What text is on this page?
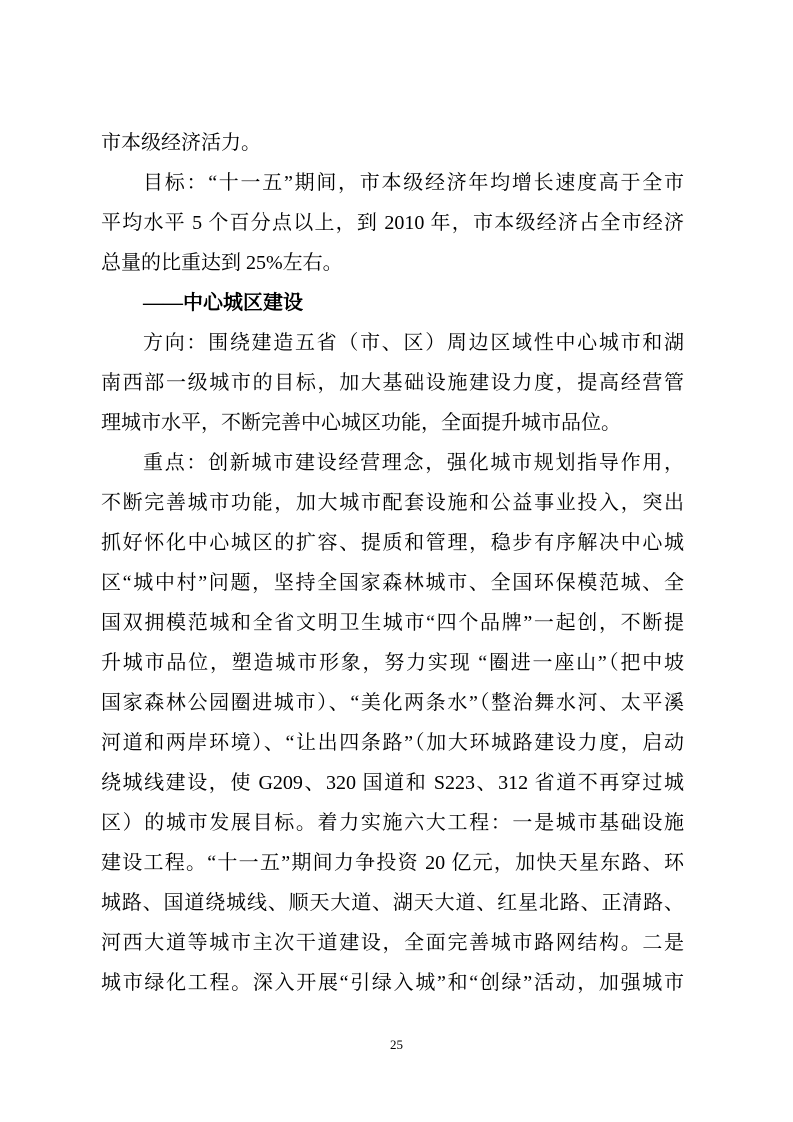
市本级经济活力。
目标：“十一五”期间，市本级经济年均增长速度高于全市
平均水平 5 个百分点以上，到 2010 年，市本级经济占全市经济
总量的比重达到 25%左右。
——中心城区建设
方向：围绕建造五省（市、区）周边区域性中心城市和湖
南西部一级城市的目标，加大基础设施建设力度，提高经营管
理城市水平，不断完善中心城区功能，全面提升城市品位。
重点：创新城市建设经营理念，强化城市规划指导作用，
不断完善城市功能，加大城市配套设施和公益事业投入，突出
抓好怀化中心城区的扩容、提质和管理，稳步有序解决中心城
区“城中村”问题，坚持全国家森林城市、全国环保模范城、全
国双拥模范城和全省文明卫生城市“四个品牌”一起创，不断提
升城市品位，塑造城市形象，努力实现 “圈进一座山”（把中坡
国家森林公园圈进城市）、“美化两条水”（整治舞水河、太平溪
河道和两岸环境）、“让出四条路”（加大环城路建设力度，启动
绕城线建设，使 G209、320 国道和 S223、312 省道不再穿过城
区）的城市发展目标。着力实施六大工程：一是城市基础设施
建设工程。“十一五”期间力争投资 20 亿元，加快天星东路、环
城路、国道绕城线、顺天大道、湖天大道、红星北路、正清路、
河西大道等城市主次干道建设，全面完善城市路网结构。二是
城市绿化工程。深入开展“引绿入城”和“创绿”活动，加强城市
25
